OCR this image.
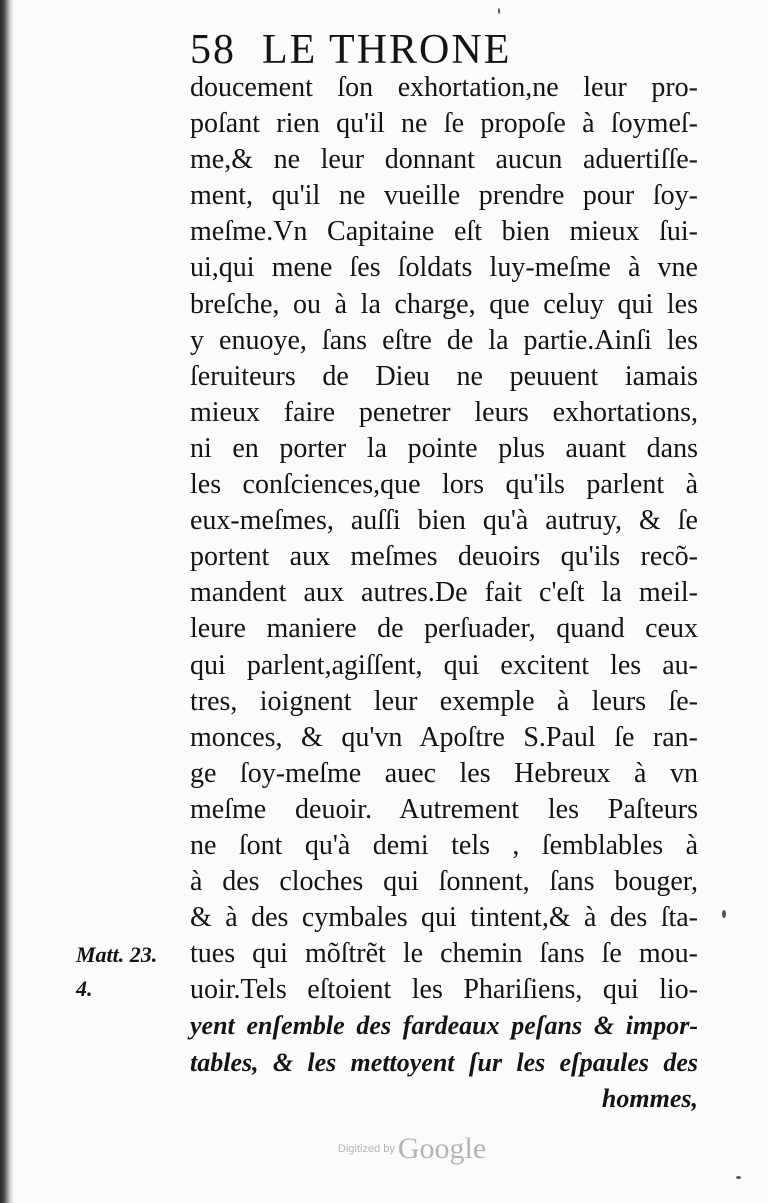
58 LE THRONE
doucement ſon exhortation,ne leur pro-
poſant rien qu'il ne ſe propoſe à ſoymeſ-
me,& ne leur donnant aucun aduertiſſe-
ment, qu'il ne vueille prendre pour ſoy-
meſme.Vn Capitaine eſt bien mieux ſui-
ui,qui mene ſes ſoldats luy-meſme à vne
breſche, ou à la charge, que celuy qui les
y enuoye, ſans eſtre de la partie.Ainſi les
ſeruiteurs de Dieu ne peuuent iamais
mieux faire penetrer leurs exhortations,
ni en porter la pointe plus auant dans
les conſciences,que lors qu'ils parlent à
eux-meſmes, auſſi bien qu'à autruy, & ſe
portent aux meſmes deuoirs qu'ils recõ-
mandent aux autres.De fait c'eſt la meil-
leure maniere de perſuader, quand ceux
qui parlent,agiſſent, qui excitent les au-
tres, ioignent leur exemple à leurs ſe-
monces, & qu'vn Apoſtre S.Paul ſe ran-
ge ſoy-meſme auec les Hebreux à vn
meſme deuoir. Autrement les Paſteurs
ne ſont qu'à demi tels , ſemblables à
à des cloches qui ſonnent, ſans bouger,
& à des cymbales qui tintent,& à des ſta-
tues qui mõſtrẽt le chemin ſans ſe mou-
uoir.Tels eſtoient les Phariſiens, qui lio-
yent enſemble des fardeaux peſans & impor-
tables, & les mettoyent ſur les eſpaules des
hommes,
Matt. 23.
4.
Digitized by Google
